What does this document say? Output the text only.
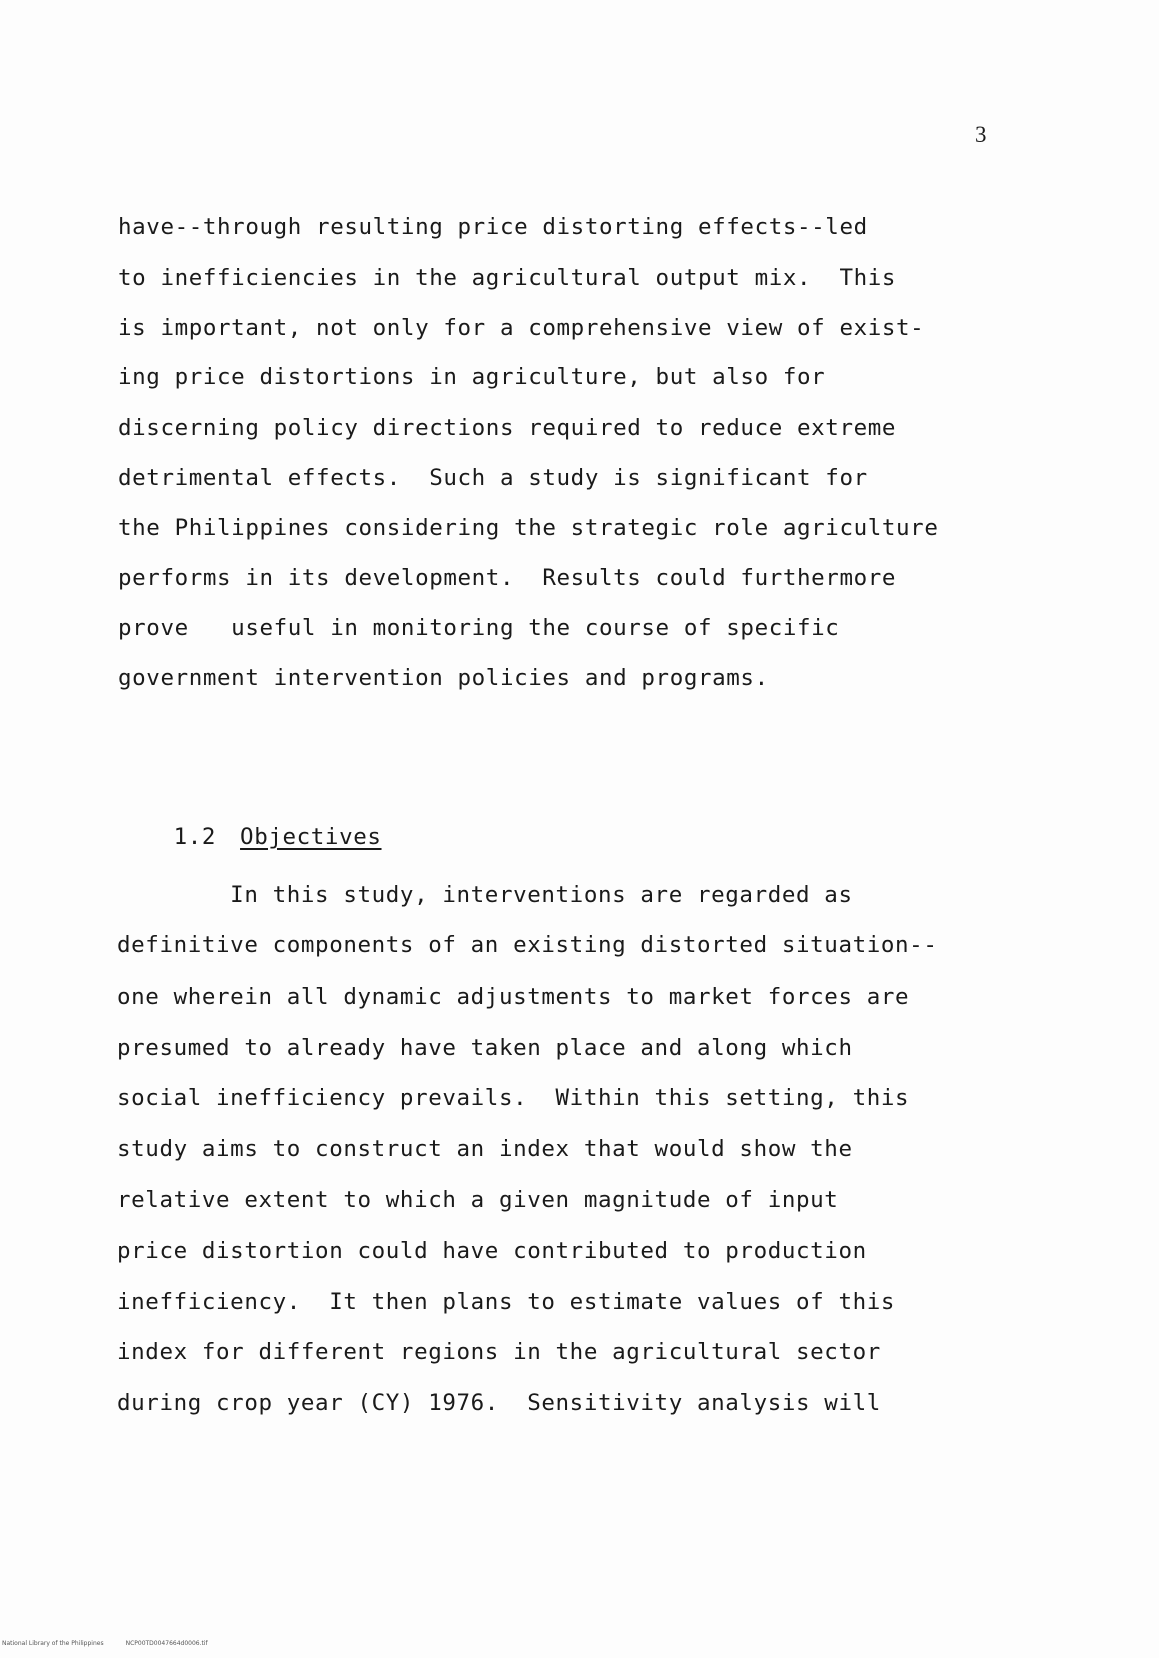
3
have--through resulting price distorting effects--led
to inefficiencies in the agricultural output mix.  This
is important, not only for a comprehensive view of exist-
ing price distortions in agriculture, but also for
discerning policy directions required to reduce extreme
detrimental effects.  Such a study is significant for
the Philippines considering the strategic role agriculture
performs in its development.  Results could furthermore
prove   useful in monitoring the course of specific
government intervention policies and programs.

1.2 Objectives

In this study, interventions are regarded as
definitive components of an existing distorted situation--
one wherein all dynamic adjustments to market forces are
presumed to already have taken place and along which
social inefficiency prevails.  Within this setting, this
study aims to construct an index that would show the
relative extent to which a given magnitude of input
price distortion could have contributed to production
inefficiency.  It then plans to estimate values of this
index for different regions in the agricultural sector
during crop year (CY) 1976.  Sensitivity analysis will
National Library of the Philippines	NCP00TD0047664d0006.tif
